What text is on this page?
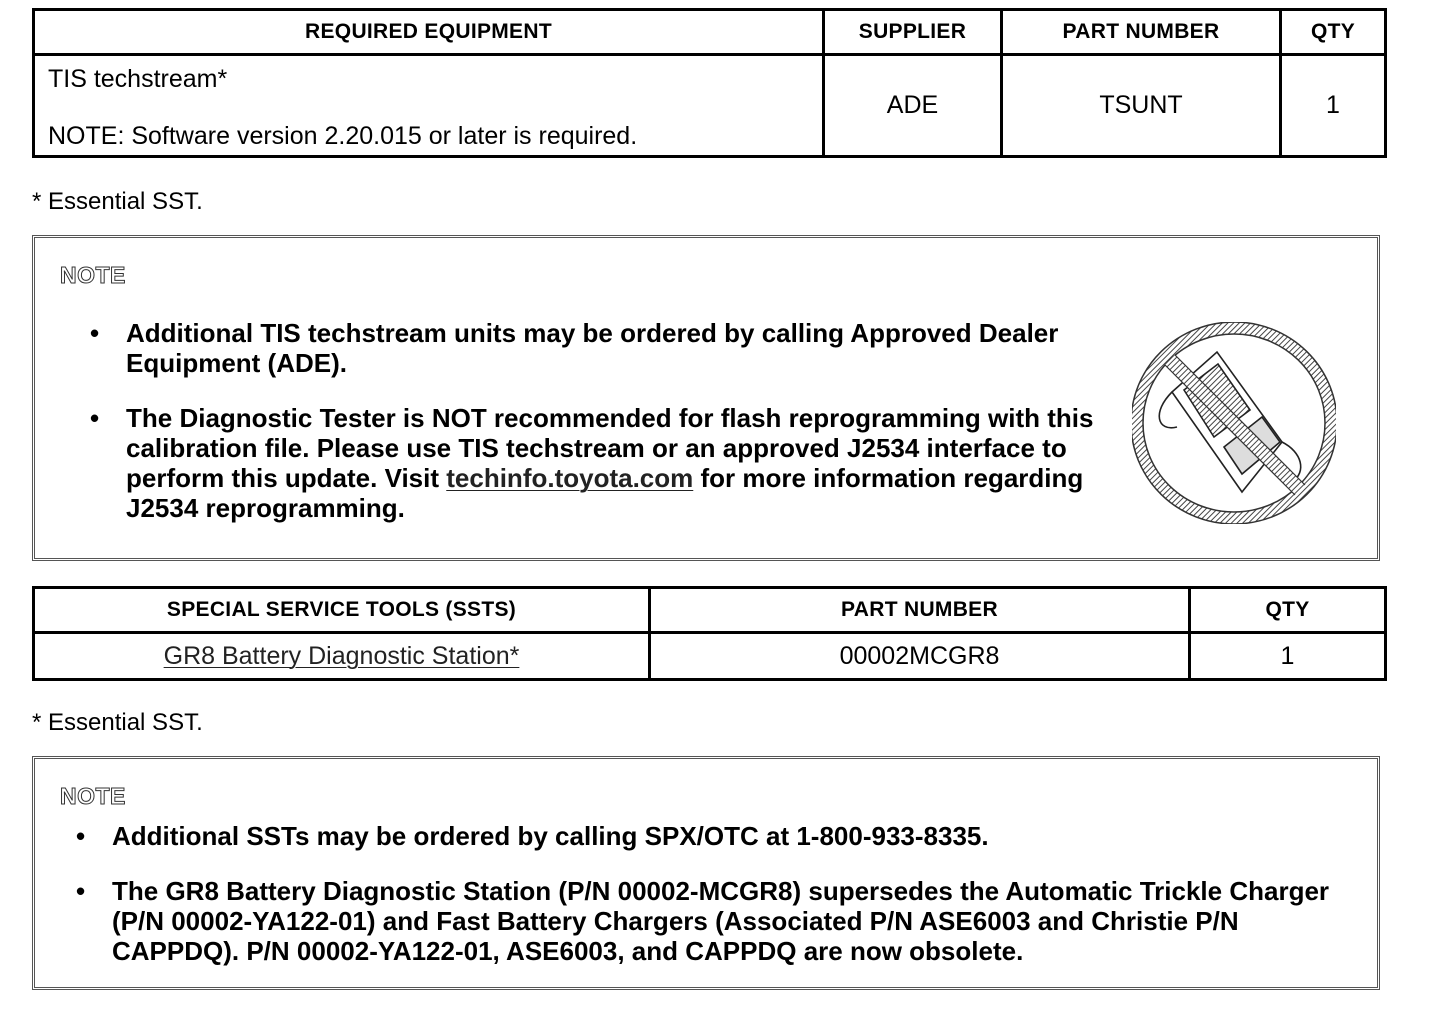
REQUIRED EQUIPMENT	SUPPLIER	PART NUMBER	QTY

TIS techstream*
NOTE: Software version 2.20.015 or later is required.	ADE	TSUNT	1
* Essential SST.
NOTE
• Additional TIS techstream units may be ordered by calling Approved Dealer Equipment (ADE).
• The Diagnostic Tester is NOT recommended for flash reprogramming with this calibration file. Please use TIS techstream or an approved J2534 interface to perform this update. Visit techinfo.toyota.com for more information regarding J2534 reprogramming.
SPECIAL SERVICE TOOLS (SSTS)	PART NUMBER	QTY
GR8 Battery Diagnostic Station*	00002MCGR8	1
* Essential SST.
NOTE
• Additional SSTs may be ordered by calling SPX/OTC at 1-800-933-8335.
• The GR8 Battery Diagnostic Station (P/N 00002-MCGR8) supersedes the Automatic Trickle Charger (P/N 00002-YA122-01) and Fast Battery Chargers (Associated P/N ASE6003 and Christie P/N CAPPDQ). P/N 00002-YA122-01, ASE6003, and CAPPDQ are now obsolete.
